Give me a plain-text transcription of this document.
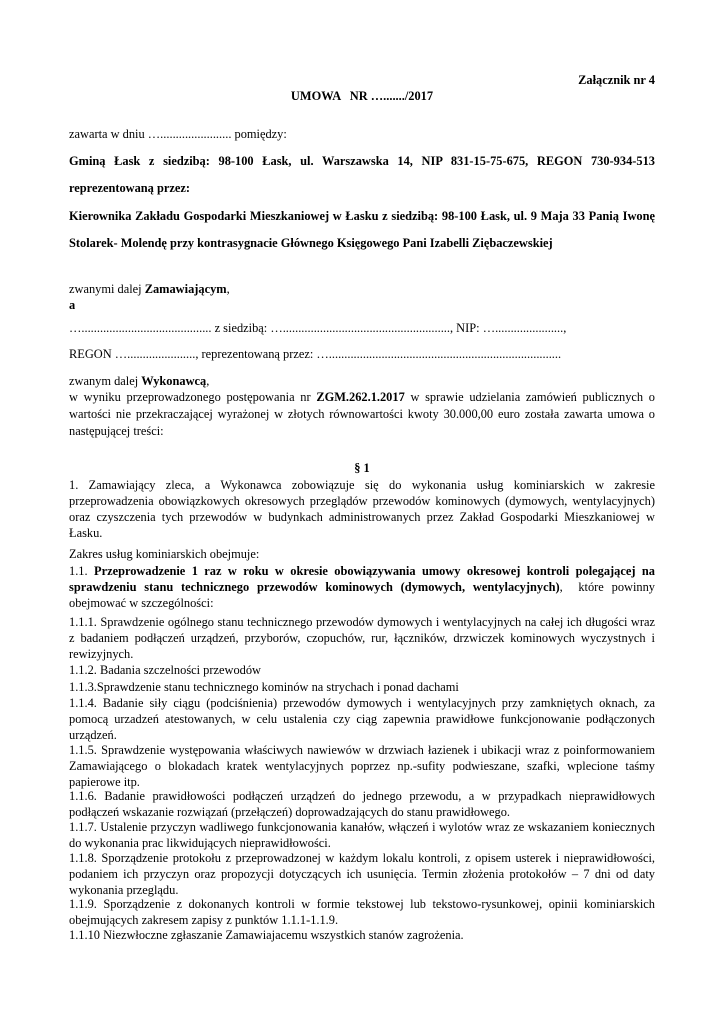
Załącznik nr 4
UMOWA   NR …......./2017
zawarta w dniu …....................... pomiędzy:
Gminą Łask z siedzibą: 98-100 Łask, ul. Warszawska 14, NIP 831-15-75-675, REGON 730-934-513 reprezentowaną przez:
Kierownika Zakładu Gospodarki Mieszkaniowej w Łasku z siedzibą: 98-100 Łask, ul. 9 Maja 33 Panią Iwonę Stolarek- Molendę przy kontrasygnacie Głównego Księgowego Pani Izabelli Ziębaczewskiej
zwanymi dalej Zamawiającym,
a
….......................................... z siedzibą: …......................................................, NIP: …......................,
REGON …......................, reprezentowaną przez: …...........................................................................
zwanym dalej Wykonawcą,
w wyniku przeprowadzonego postępowania nr ZGM.262.1.2017 w sprawie udzielania zamówień publicznych o wartości nie przekraczającej wyrażonej w złotych równowartości kwoty 30.000,00 euro została zawarta umowa o następującej treści:
§ 1
1. Zamawiający zleca, a Wykonawca zobowiązuje się do wykonania usług kominiarskich w zakresie przeprowadzenia obowiązkowych okresowych przeglądów przewodów kominowych (dymowych, wentylacyjnych) oraz czyszczenia tych przewodów w budynkach administrowanych przez Zakład Gospodarki Mieszkaniowej w Łasku.
Zakres usług kominiarskich obejmuje:
1.1. Przeprowadzenie 1 raz w roku w okresie obowiązywania umowy okresowej kontroli polegającej na sprawdzeniu stanu technicznego przewodów kominowych (dymowych, wentylacyjnych),  które powinny obejmować w szczególności:
1.1.1. Sprawdzenie ogólnego stanu technicznego przewodów dymowych i wentylacyjnych na całej ich długości wraz z badaniem podłączeń urządzeń, przyborów, czopuchów, rur, łączników, drzwiczek kominowych wyczystnych i rewizyjnych.
1.1.2. Badania szczelności przewodów
1.1.3.Sprawdzenie stanu technicznego kominów na strychach i ponad dachami
1.1.4. Badanie siły ciągu (podciśnienia) przewodów dymowych i wentylacyjnych przy zamkniętych oknach, za pomocą urzadzeń atestowanych, w celu ustalenia czy ciąg zapewnia prawidłowe funkcjonowanie podłączonych urządzeń.
1.1.5. Sprawdzenie występowania właściwych nawiewów w drzwiach łazienek i ubikacji wraz z poinformowaniem Zamawiającego o blokadach kratek wentylacyjnych poprzez np.-sufity podwieszane, szafki, wplecione taśmy papierowe itp.
1.1.6. Badanie prawidłowości podłączeń urządzeń do jednego przewodu, a w przypadkach nieprawidłowych podłączeń wskazanie rozwiązań (przełączeń) doprowadzających do stanu prawidłowego.
1.1.7. Ustalenie przyczyn wadliwego funkcjonowania kanałów, włączeń i wylotów wraz ze wskazaniem koniecznych do wykonania prac likwidujących nieprawidłowości.
1.1.8. Sporządzenie protokołu z przeprowadzonej w każdym lokalu kontroli, z opisem usterek i nieprawidłowości, podaniem ich przyczyn oraz propozycji dotyczących ich usunięcia. Termin złożenia protokołów – 7 dni od daty wykonania przeglądu.
1.1.9. Sporządzenie z dokonanych kontroli w formie tekstowej lub tekstowo-rysunkowej, opinii kominiarskich obejmujących zakresem zapisy z punktów 1.1.1-1.1.9.
1.1.10 Niezwłoczne zgłaszanie Zamawiajacemu wszystkich stanów zagrożenia.
